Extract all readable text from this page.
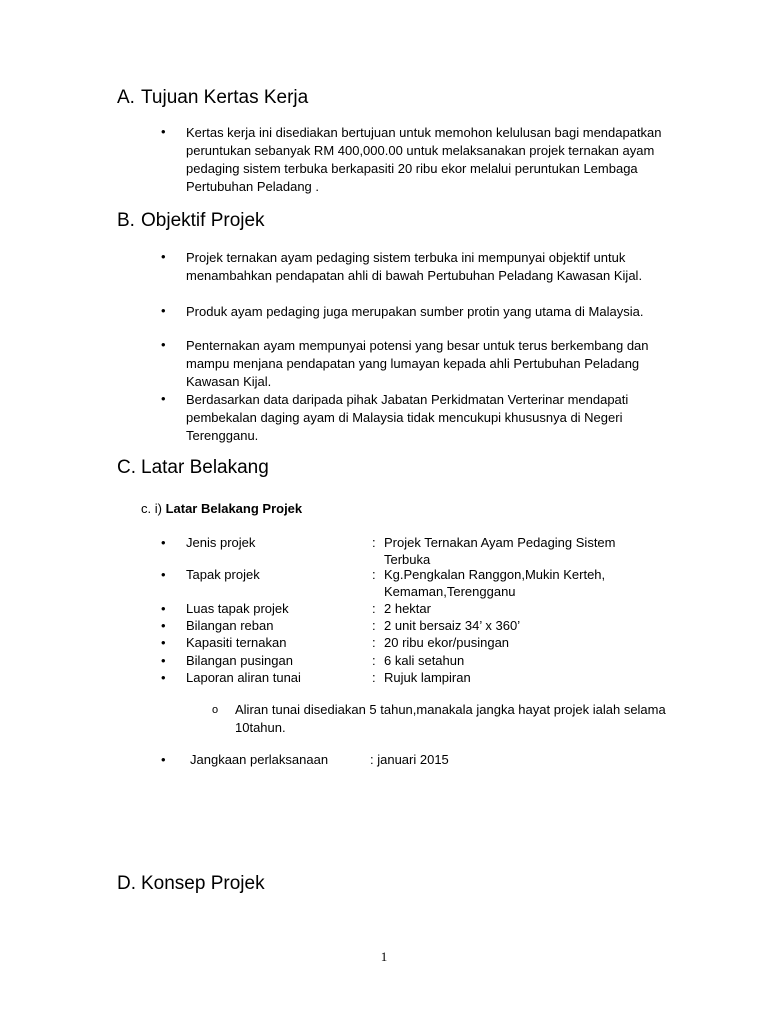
A. Tujuan Kertas Kerja
• Kertas kerja ini disediakan bertujuan untuk memohon kelulusan bagi mendapatkan peruntukan sebanyak RM 400,000.00 untuk melaksanakan projek ternakan ayam pedaging sistem terbuka berkapasiti 20 ribu ekor melalui peruntukan Lembaga Pertubuhan Peladang .

B. Objektif Projek
• Projek ternakan ayam pedaging sistem terbuka ini mempunyai objektif untuk menambahkan pendapatan ahli di bawah Pertubuhan Peladang Kawasan Kijal.

• Produk ayam pedaging juga merupakan sumber protin yang utama di Malaysia.

• Penternakan ayam mempunyai potensi yang besar untuk terus berkembang dan mampu menjana pendapatan yang lumayan kepada ahli Pertubuhan Peladang Kawasan Kijal.

• Berdasarkan data daripada pihak Jabatan Perkidmatan Verterinar mendapati pembekalan daging ayam di Malaysia tidak mencukupi khususnya di Negeri Terengganu.

C. Latar Belakang
c. i) Latar Belakang Projek
• Jenis projek	: Projek Ternakan Ayam Pedaging Sistem Terbuka
• Tapak projek	: Kg.Pengkalan Ranggon,Mukin Kerteh, Kemaman,Terengganu
• Luas tapak projek	: 2 hektar
• Bilangan reban	: 2 unit bersaiz 34’ x 360’
• Kapasiti ternakan	: 20 ribu ekor/pusingan
• Bilangan pusingan	: 6 kali setahun
• Laporan aliran tunai	: Rujuk lampiran
o Aliran tunai disediakan 5 tahun,manakala jangka hayat projek ialah selama 10tahun.

• Jangkaan perlaksanaan	: januari 2015
D. Konsep Projek
1
